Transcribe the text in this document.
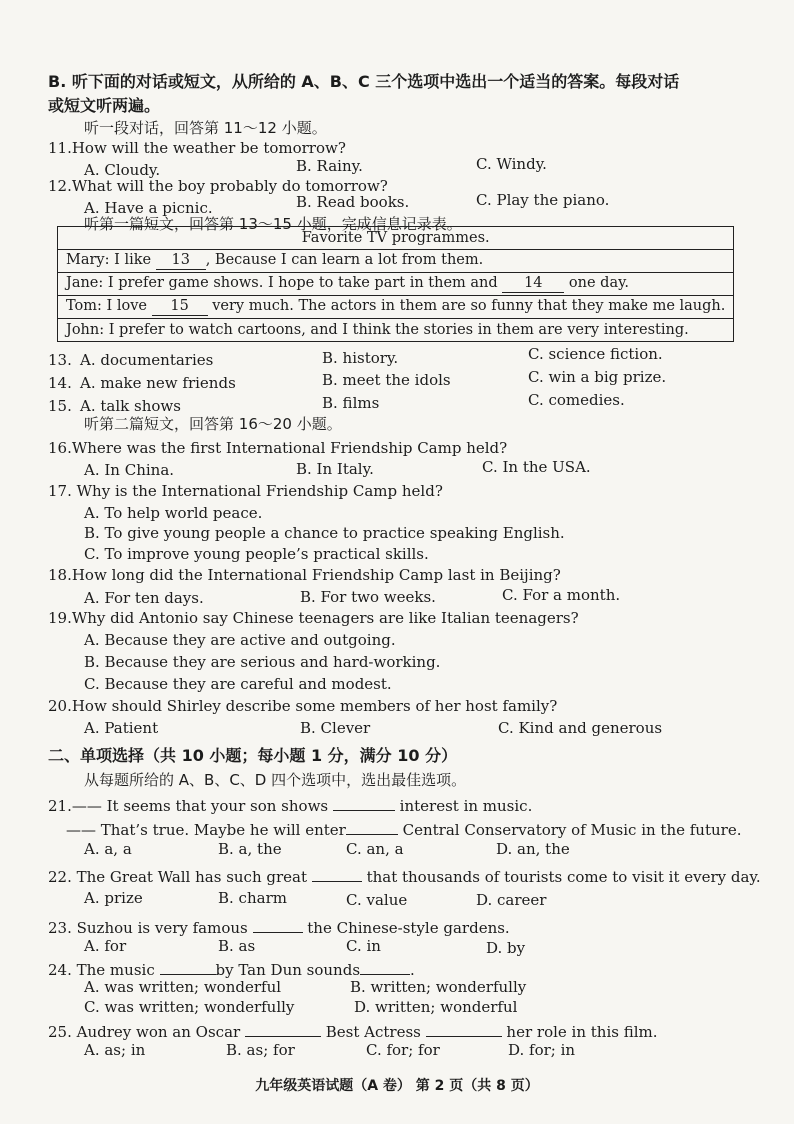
B. 听下面的对话或短文，从所给的 A、B、C 三个选项中选出一个适当的答案。每段对话
或短文听两遍。
听一段对话，回答第 11～12 小题。
11.How will the weather be tomorrow?
A. Cloudy.	B. Rainy.	C. Windy.
12.What will the boy probably do tomorrow?
A. Have a picnic.	B. Read books.	C. Play the piano.
听第一篇短文，回答第 13～15 小题，完成信息记录表。
Favorite TV programmes.
Mary: I like 13 , Because I can learn a lot from them.
Jane: I prefer game shows. I hope to take part in them and 14 one day.
Tom: I love 15 very much. The actors in them are so funny that they make me laugh.
John: I prefer to watch cartoons, and I think the stories in them are very interesting.
13. A. documentaries	B. history.	C. science fiction.
14. A. make new friends	B. meet the idols	C. win a big prize.
15. A. talk shows	B. films	C. comedies.
听第二篇短文，回答第 16～20 小题。
16.Where was the first International Friendship Camp held?
A. In China.	B. In Italy.	C. In the USA.
17. Why is the International Friendship Camp held?
A. To help world peace.
B. To give young people a chance to practice speaking English.
C. To improve young people’s practical skills.
18.How long did the International Friendship Camp last in Beijing?
A. For ten days.	B. For two weeks.	C. For a month.
19.Why did Antonio say Chinese teenagers are like Italian teenagers?
A. Because they are active and outgoing.
B. Because they are serious and hard-working.
C. Because they are careful and modest.
20.How should Shirley describe some members of her host family?
A. Patient	B. Clever	C. Kind and generous
二、单项选择（共 10 小题；每小题 1 分，满分 10 分）
从每题所给的 A、B、C、D 四个选项中，选出最佳选项。
21.—— It seems that your son shows	interest in music.
—— That’s true. Maybe he will enter	Central Conservatory of Music in the future.
A. a, a	B. a, the	C. an, a	D. an, the
22. The Great Wall has such great	that thousands of tourists come to visit it every day.
A. prize	B. charm	C. value	D. career
23. Suzhou is very famous	the Chinese-style gardens.
A. for	B. as	C. in	D. by
24. The music	by Tan Dun sounds	.
A. was written; wonderful	B. written; wonderfully
C. was written; wonderfully	D. written; wonderful
25. Audrey won an Oscar	Best Actress	her role in this film.
A. as; in	B. as; for	C. for; for	D. for; in
九年级英语试题（A 卷） 第 2 页（共 8 页）
